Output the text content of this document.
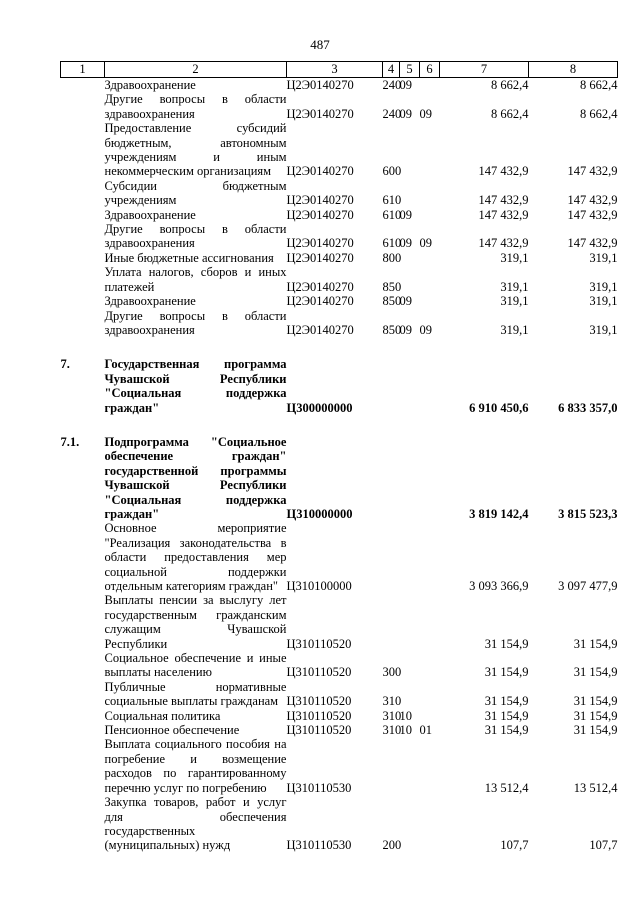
487
1	2	3	4	5	6	7	8
	Здравоохранение	Ц2Э0140270	240	09		8 662,4	8 662,4
	Другие вопросы в области здравоохранения	Ц2Э0140270	240	09	09	8 662,4	8 662,4
	Предоставление субсидий бюджетным, автономным учреждениям и иным некоммерческим организациям	Ц2Э0140270	600			147 432,9	147 432,9
	Субсидии бюджетным учреждениям	Ц2Э0140270	610			147 432,9	147 432,9
	Здравоохранение	Ц2Э0140270	610	09		147 432,9	147 432,9
	Другие вопросы в области здравоохранения	Ц2Э0140270	610	09	09	147 432,9	147 432,9
	Иные бюджетные ассигнования	Ц2Э0140270	800			319,1	319,1
	Уплата налогов, сборов и иных платежей	Ц2Э0140270	850			319,1	319,1
	Здравоохранение	Ц2Э0140270	850	09		319,1	319,1
	Другие вопросы в области здравоохранения	Ц2Э0140270	850	09	09	319,1	319,1

7.	Государственная программа Чувашской Республики "Социальная поддержка граждан"	Ц300000000				6 910 450,6	6 833 357,0

7.1.	Подпрограмма "Социальное обеспечение граждан" государственной программы Чувашской Республики "Социальная поддержка граждан"	Ц310000000				3 819 142,4	3 815 523,3
	Основное мероприятие "Реализация законодательства в области предоставления мер социальной поддержки отдельным категориям граждан"	Ц310100000				3 093 366,9	3 097 477,9
	Выплаты пенсии за выслугу лет государственным гражданским служащим Чувашской Республики	Ц310110520				31 154,9	31 154,9
	Социальное обеспечение и иные выплаты населению	Ц310110520	300			31 154,9	31 154,9
	Публичные нормативные социальные выплаты гражданам	Ц310110520	310			31 154,9	31 154,9
	Социальная политика	Ц310110520	310	10		31 154,9	31 154,9
	Пенсионное обеспечение	Ц310110520	310	10	01	31 154,9	31 154,9
	Выплата социального пособия на погребение и возмещение расходов по гарантированному перечню услуг по погребению	Ц310110530				13 512,4	13 512,4
	Закупка товаров, работ и услуг для обеспечения государственных (муниципальных) нужд	Ц310110530	200			107,7	107,7
